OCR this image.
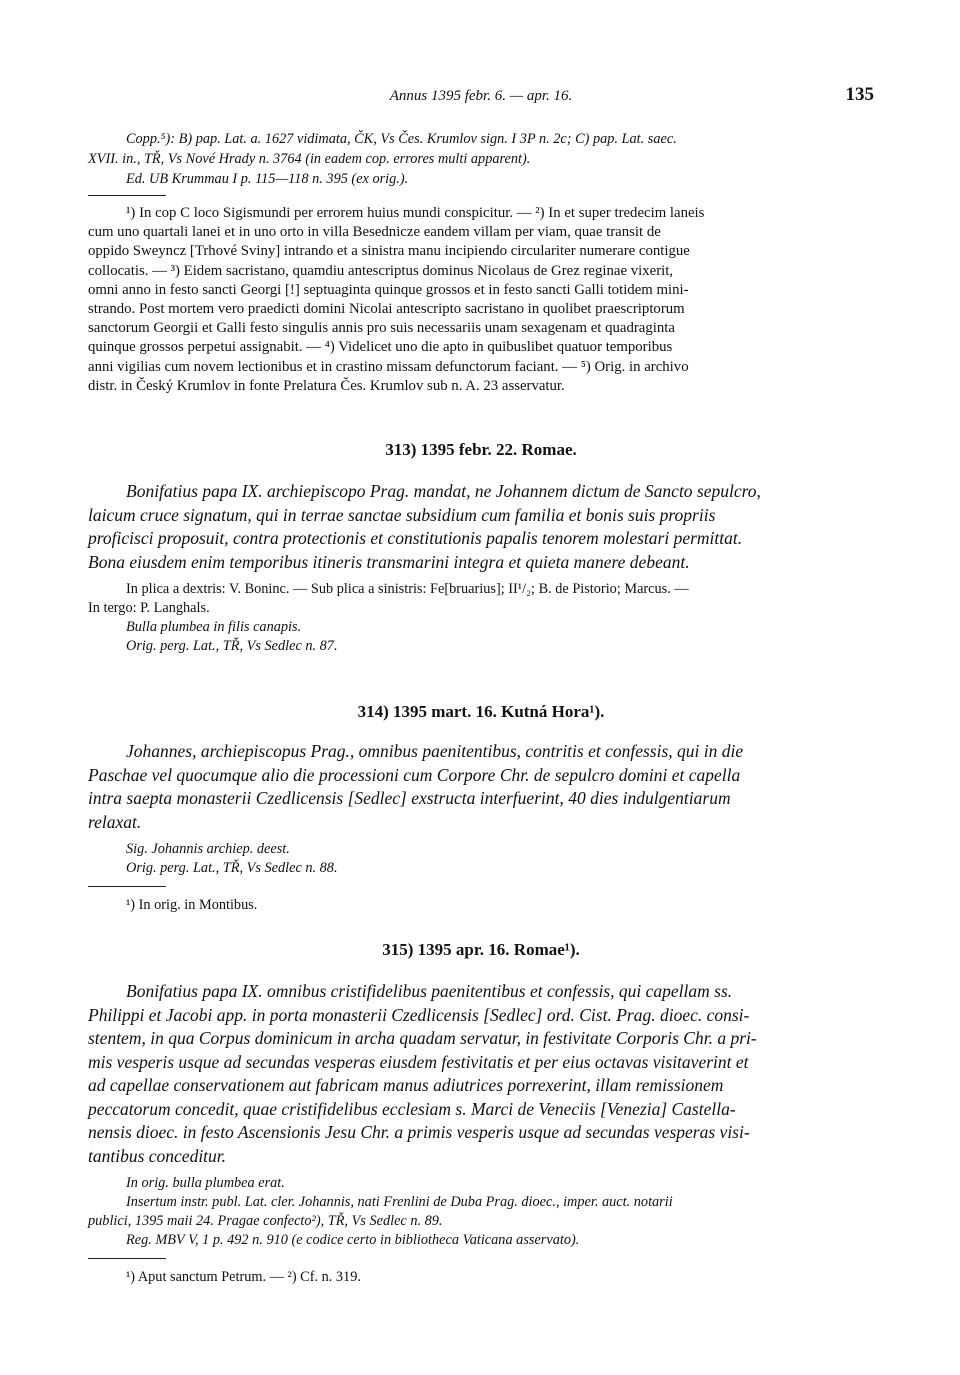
Annus 1395 febr. 6. — apr. 16.	135
Copp.⁵): B) pap. Lat. a. 1627 vidimata, ČK, Vs Čes. Krumlov sign. I 3P n. 2c; C) pap. Lat. saec.
XVII. in., TŘ, Vs Nové Hrady n. 3764 (in eadem cop. errores multi apparent).
Ed. UB Krummau I p. 115—118 n. 395 (ex orig.).
¹) In cop C loco Sigismundi per errorem huius mundi conspicitur. — ²) In et super tredecim laneis
cum uno quartali lanei et in uno orto in villa Besednicze eandem villam per viam, quae transit de
oppido Sweyncz [Trhové Sviny] intrando et a sinistra manu incipiendo circulariter numerare contigue
collocatis. — ³) Eidem sacristano, quamdiu antescriptus dominus Nicolaus de Grez reginae vixerit,
omni anno in festo sancti Georgi [!] septuaginta quinque grossos et in festo sancti Galli totidem mini-
strando. Post mortem vero praedicti domini Nicolai antescripto sacristano in quolibet praescriptorum
sanctorum Georgii et Galli festo singulis annis pro suis necessariis unam sexagenam et quadraginta
quinque grossos perpetui assignabit. — ⁴) Videlicet uno die apto in quibuslibet quatuor temporibus
anni vigilias cum novem lectionibus et in crastino missam defunctorum faciant. — ⁵) Orig. in archivo
distr. in Český Krumlov in fonte Prelatura Čes. Krumlov sub n. A. 23 asservatur.
313) 1395 febr. 22. Romae.
Bonifatius papa IX. archiepiscopo Prag. mandat, ne Johannem dictum de Sancto sepulcro,
laicum cruce signatum, qui in terrae sanctae subsidium cum familia et bonis suis propriis
proficisci proposuit, contra protectionis et constitutionis papalis tenorem molestari permittat.
Bona eiusdem enim temporibus itineris transmarini integra et quieta manere debeant.
In plica a dextris: V. Boninc. — Sub plica a sinistris: Fe[bruarius]; II¹/₂; B. de Pistorio; Marcus. —
In tergo: P. Langhals.
Bulla plumbea in filis canapis.
Orig. perg. Lat., TŘ, Vs Sedlec n. 87.
314) 1395 mart. 16. Kutná Hora¹).
Johannes, archiepiscopus Prag., omnibus paenitentibus, contritis et confessis, qui in die
Paschae vel quocumque alio die processioni cum Corpore Chr. de sepulcro domini et capella
intra saepta monasterii Czedlicensis [Sedlec] exstructa interfuerint, 40 dies indulgentiarum
relaxat.
Sig. Johannis archiep. deest.
Orig. perg. Lat., TŘ, Vs Sedlec n. 88.
¹) In orig. in Montibus.
315) 1395 apr. 16. Romae¹).
Bonifatius papa IX. omnibus cristifidelibus paenitentibus et confessis, qui capellam ss.
Philippi et Jacobi app. in porta monasterii Czedlicensis [Sedlec] ord. Cist. Prag. dioec. consi-
stentem, in qua Corpus dominicum in archa quadam servatur, in festivitate Corporis Chr. a pri-
mis vesperis usque ad secundas vesperas eiusdem festivitatis et per eius octavas visitaverint et
ad capellae conservationem aut fabricam manus adiutrices porrexerint, illam remissionem
peccatorum concedit, quae cristifidelibus ecclesiam s. Marci de Veneciis [Venezia] Castella-
nensis dioec. in festo Ascensionis Jesu Chr. a primis vesperis usque ad secundas vesperas visi-
tantibus conceditur.
In orig. bulla plumbea erat.
Insertum instr. publ. Lat. cler. Johannis, nati Frenlini de Duba Prag. dioec., imper. auct. notarii
publici, 1395 maii 24. Pragae confecto²), TŘ, Vs Sedlec n. 89.
Reg. MBV V, 1 p. 492 n. 910 (e codice certo in bibliotheca Vaticana asservato).
¹) Aput sanctum Petrum. — ²) Cf. n. 319.
